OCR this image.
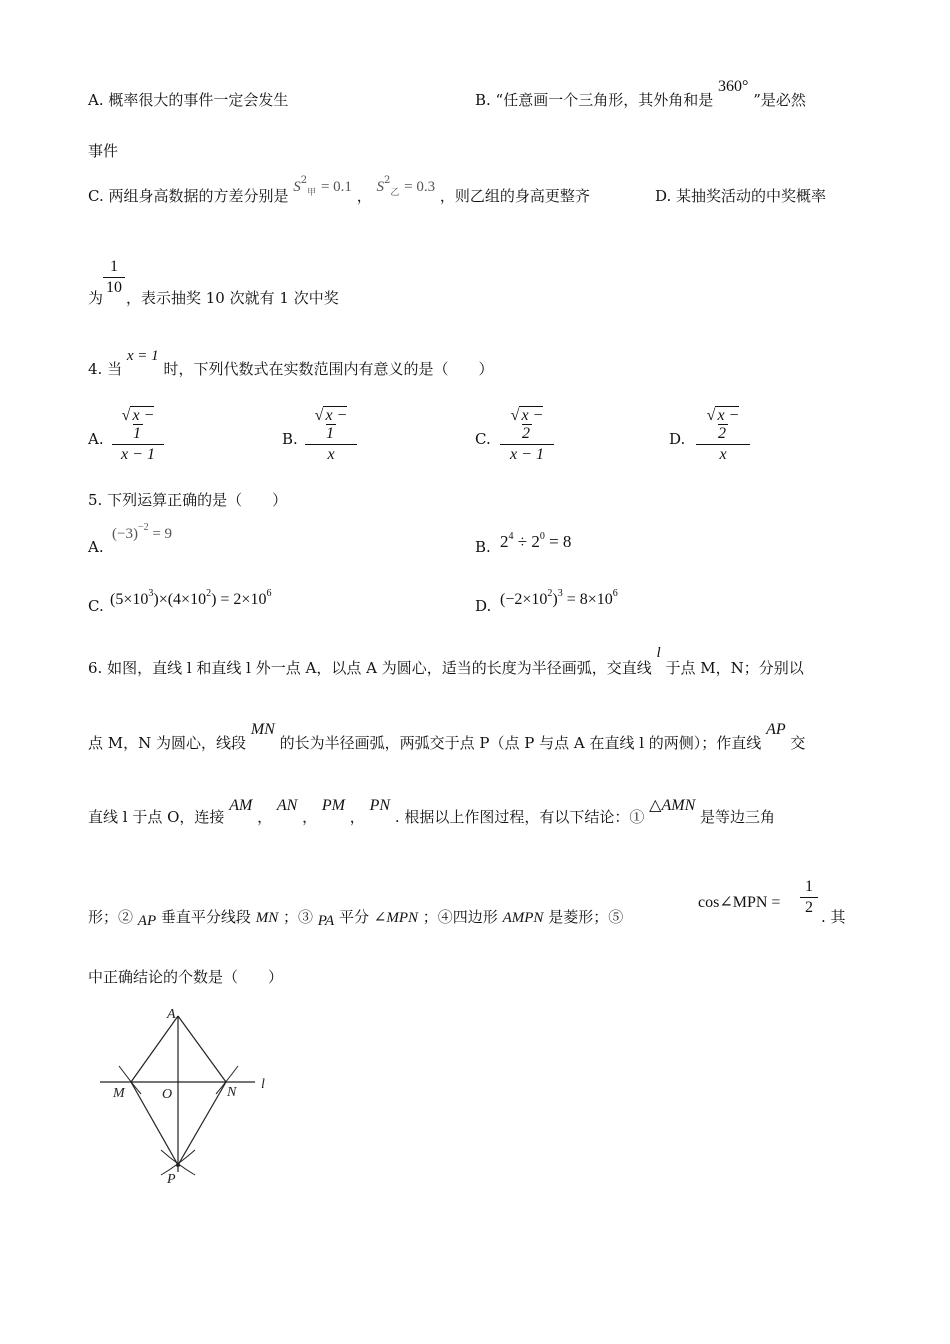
A. 概率很大的事件一定会发生	B. “任意画一个三角形，其外角和是 360° ”是必然
事件
C. 两组身高数据的方差分别是 $S^2_甲 = 0.1$ ， $S^2_乙 = 0.3$ ，则乙组的身高更整齐	D. 某抽奖活动的中奖概率
1
10
为 ，表示抽奖 10 次就有 1 次中奖
4. 当 x = 1 时，下列代数式在实数范围内有意义的是（　　）
A.
√ x − 1
x − 1
B.
√ x − 1
x
C.
√ x − 2
x − 1
D.
√ x − 2
x
5. 下列运算正确的是（　　）
A.
$(-3)^{-2} = 9$
B. $2^4 \div 2^0 = 8$
C. $(5\times 10^3)\times(4\times 10^2) = 2\times 10^6$
D. $(-2\times 10^2)^3 = 8\times 10^6$
6. 如图，直线 l 和直线 l 外一点 A，以点 A 为圆心，适当的长度为半径画弧，交直线 l 于点 M，N；分别以
点 M，N 为圆心，线段 MN 的长为半径画弧，两弧交于点 P（点 P 与点 A 在直线 l 的两侧）；作直线 AP 交
直线 l 于点 O，连接 AM ， AN ， PM ， PN . 根据以上作图过程，有以下结论：① △AMN 是等边三角
形；② AP 垂直平分线段 MN ；③ PA 平分 ∠MPN ；④四边形 AMPN 是菱形；⑤
cos∠MPN =
1
2
. 其
中正确结论的个数是（　　）
A
M	O	N
l
P
